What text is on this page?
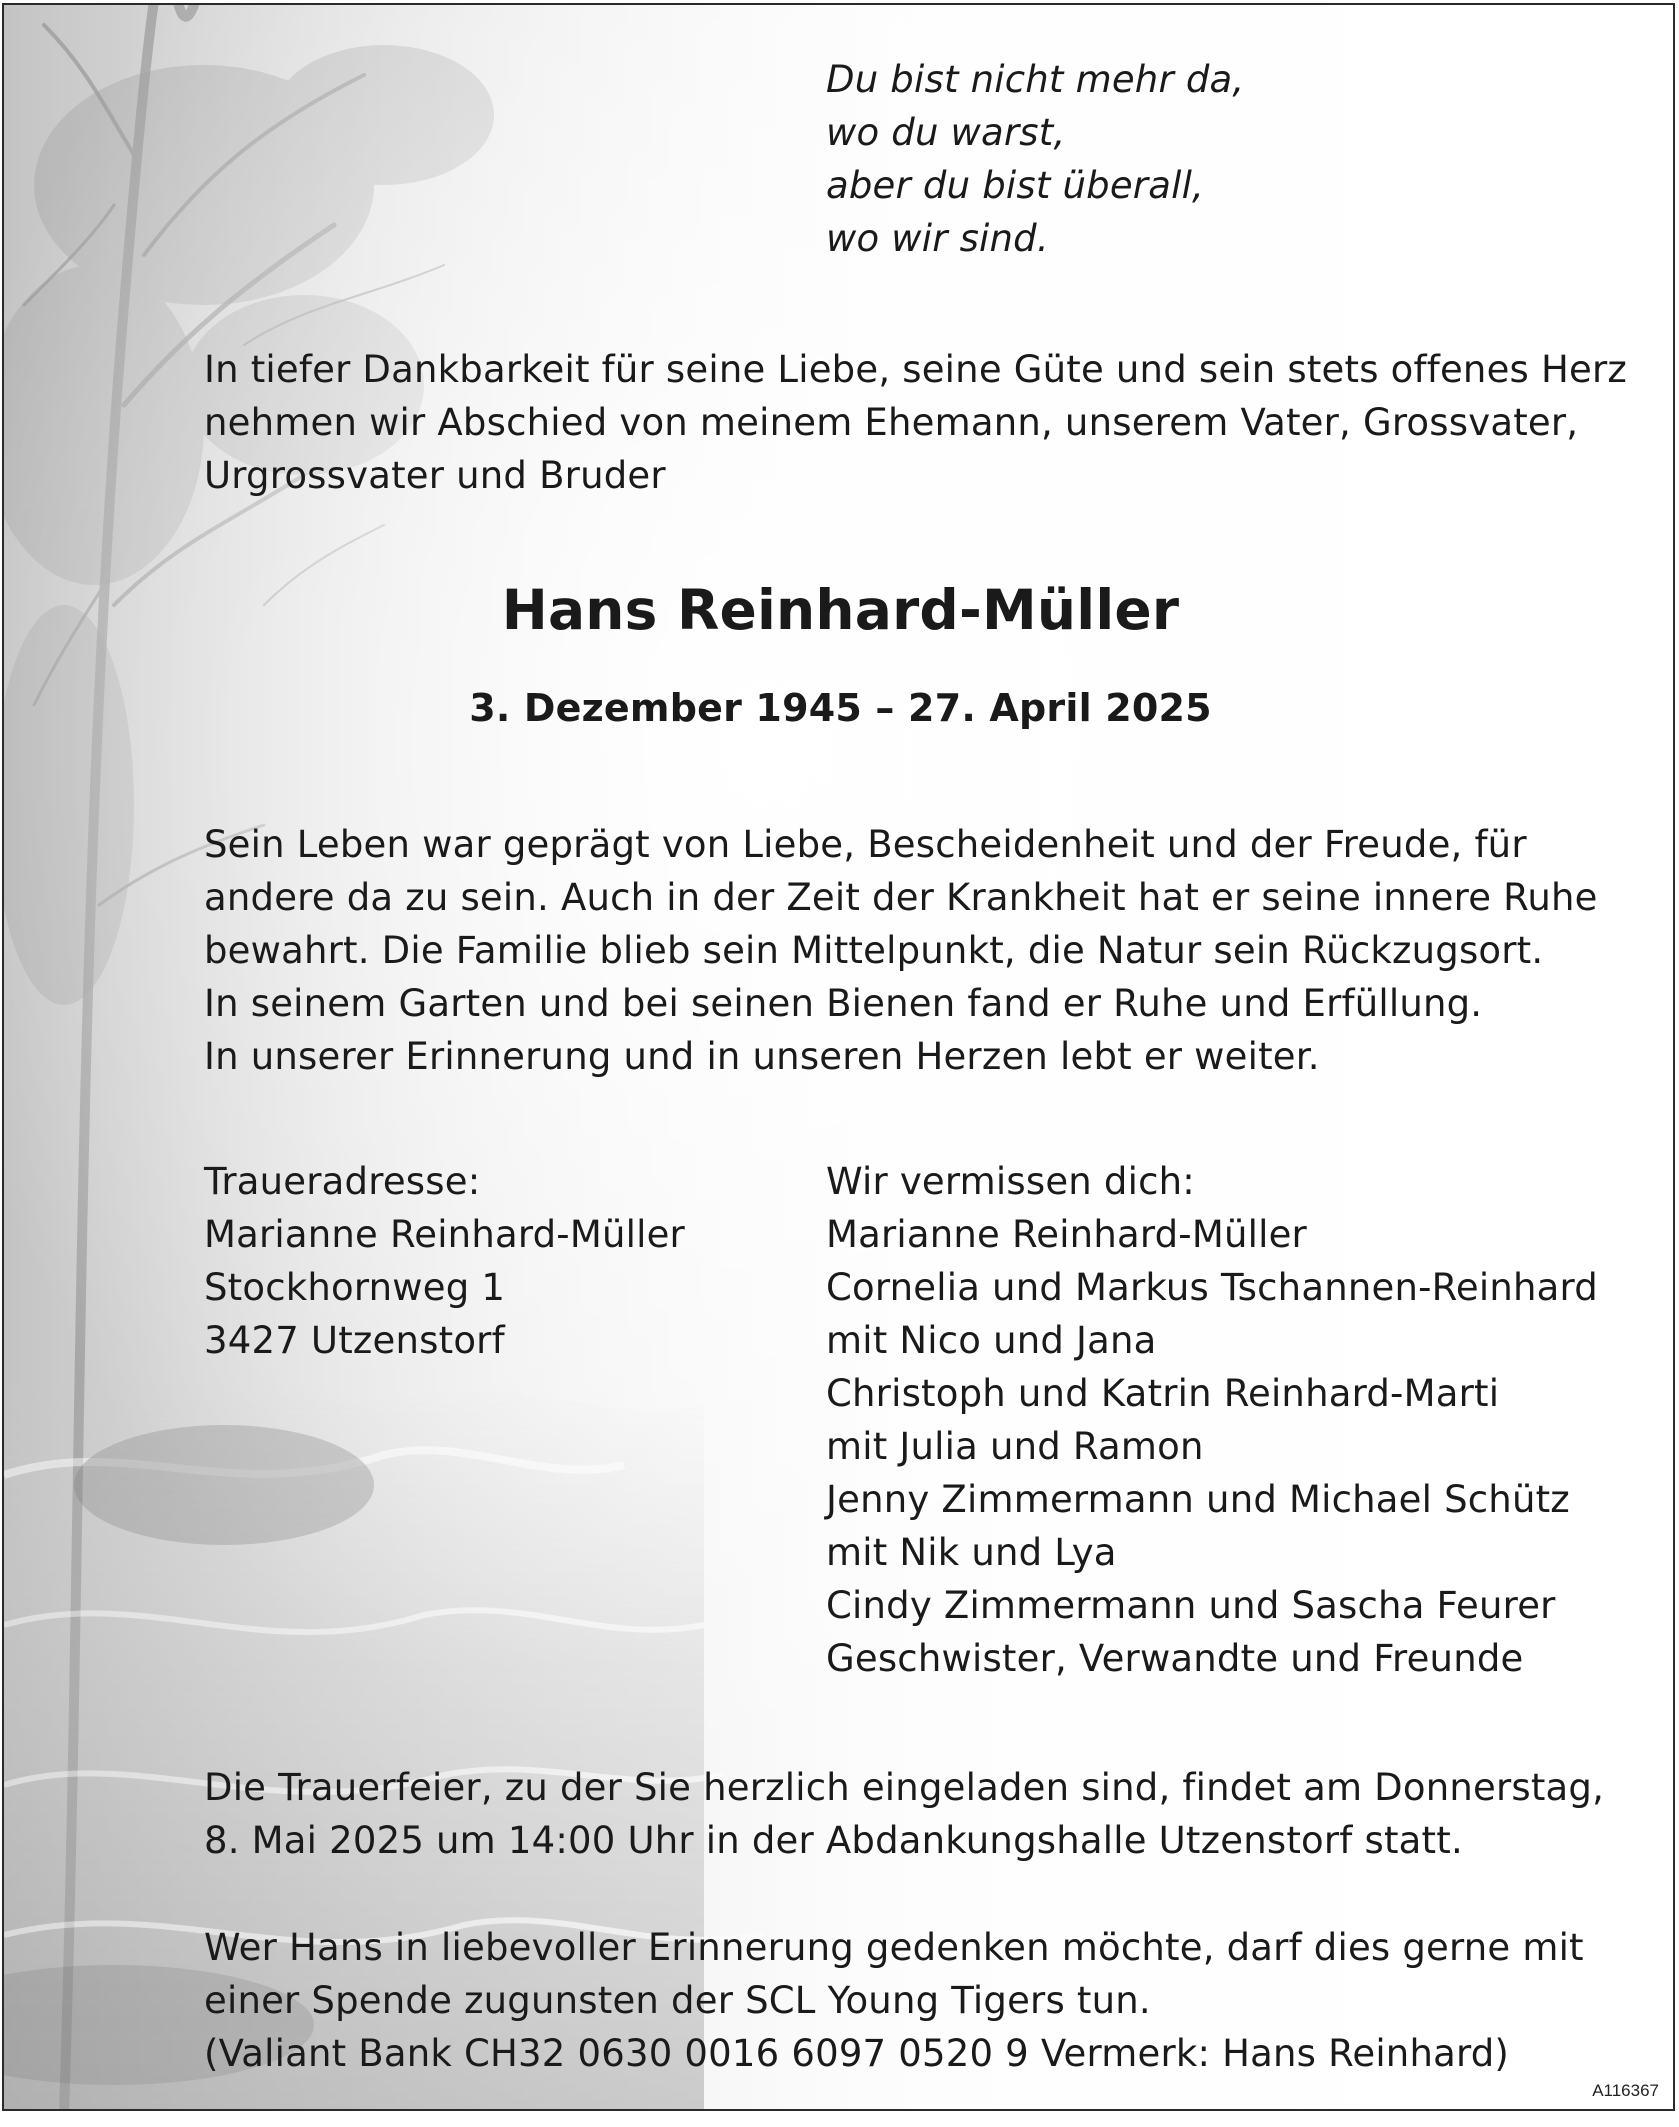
Du bist nicht mehr da,
wo du warst,
aber du bist überall,
wo wir sind.
In tiefer Dankbarkeit für seine Liebe, seine Güte und sein stets offenes Herz
nehmen wir Abschied von meinem Ehemann, unserem Vater, Grossvater,
Urgrossvater und Bruder
Hans Reinhard-Müller
3. Dezember 1945 – 27. April 2025
Sein Leben war geprägt von Liebe, Bescheidenheit und der Freude, für
andere da zu sein. Auch in der Zeit der Krankheit hat er seine innere Ruhe
bewahrt. Die Familie blieb sein Mittelpunkt, die Natur sein Rückzugsort.
In seinem Garten und bei seinen Bienen fand er Ruhe und Erfüllung.
In unserer Erinnerung und in unseren Herzen lebt er weiter.
Traueradresse:
Marianne Reinhard-Müller
Stockhornweg 1
3427 Utzenstorf
Wir vermissen dich:
Marianne Reinhard-Müller
Cornelia und Markus Tschannen-Reinhard
mit Nico und Jana
Christoph und Katrin Reinhard-Marti
mit Julia und Ramon
Jenny Zimmermann und Michael Schütz
mit Nik und Lya
Cindy Zimmermann und Sascha Feurer
Geschwister, Verwandte und Freunde
Die Trauerfeier, zu der Sie herzlich eingeladen sind, findet am Donnerstag,
8. Mai 2025 um 14:00 Uhr in der Abdankungshalle Utzenstorf statt.
Wer Hans in liebevoller Erinnerung gedenken möchte, darf dies gerne mit
einer Spende zugunsten der SCL Young Tigers tun.
(Valiant Bank CH32 0630 0016 6097 0520 9 Vermerk: Hans Reinhard)
A116367
